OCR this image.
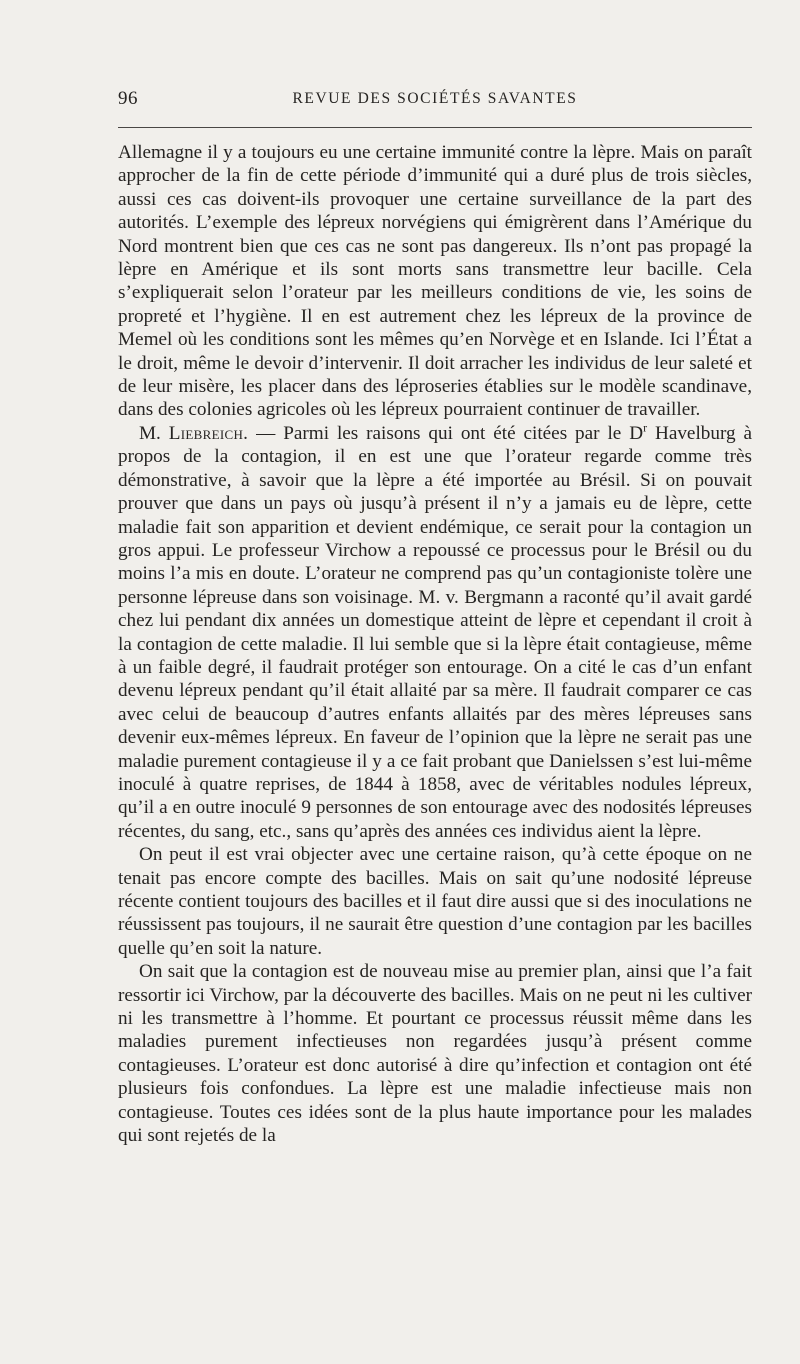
96	REVUE DES SOCIÉTÉS SAVANTES

Allemagne il y a toujours eu une certaine immunité contre la lèpre. Mais on paraît approcher de la fin de cette période d’immunité qui a duré plus de trois siècles, aussi ces cas doivent-ils provoquer une certaine surveillance de la part des autorités. L’exemple des lépreux norvégiens qui émigrèrent dans l’Amérique du Nord montrent bien que ces cas ne sont pas dangereux. Ils n’ont pas propagé la lèpre en Amérique et ils sont morts sans transmettre leur bacille. Cela s’expliquerait selon l’orateur par les meilleurs conditions de vie, les soins de propreté et l’hygiène. Il en est autrement chez les lépreux de la province de Memel où les conditions sont les mêmes qu’en Norvège et en Islande. Ici l’État a le droit, même le devoir d’intervenir. Il doit arracher les individus de leur saleté et de leur misère, les placer dans des léproseries établies sur le modèle scandinave, dans des colonies agricoles où les lépreux pourraient continuer de travailler.

M. Liebreich. — Parmi les raisons qui ont été citées par le $D^r$ Havelburg à propos de la contagion, il en est une que l’orateur regarde comme très démonstrative, à savoir que la lèpre a été importée au Brésil. Si on pouvait prouver que dans un pays où jusqu’à présent il n’y a jamais eu de lèpre, cette maladie fait son apparition et devient endémique, ce serait pour la contagion un gros appui. Le professeur Virchow a repoussé ce processus pour le Brésil ou du moins l’a mis en doute. L’orateur ne comprend pas qu’un contagioniste tolère une personne lépreuse dans son voisinage. M. v. Bergmann a raconté qu’il avait gardé chez lui pendant dix années un domestique atteint de lèpre et cependant il croit à la contagion de cette maladie. Il lui semble que si la lèpre était contagieuse, même à un faible degré, il faudrait protéger son entourage. On a cité le cas d’un enfant devenu lépreux pendant qu’il était allaité par sa mère. Il faudrait comparer ce cas avec celui de beaucoup d’autres enfants allaités par des mères lépreuses sans devenir eux-mêmes lépreux. En faveur de l’opinion que la lèpre ne serait pas une maladie purement contagieuse il y a ce fait probant que Danielssen s’est lui-même inoculé à quatre reprises, de 1844 à 1858, avec de véritables nodules lépreux, qu’il a en outre inoculé 9 personnes de son entourage avec des nodosités lépreuses récentes, du sang, etc., sans qu’après des années ces individus aient la lèpre.

On peut il est vrai objecter avec une certaine raison, qu’à cette époque on ne tenait pas encore compte des bacilles. Mais on sait qu’une nodosité lépreuse récente contient toujours des bacilles et il faut dire aussi que si des inoculations ne réussissent pas toujours, il ne saurait être question d’une contagion par les bacilles quelle qu’en soit la nature.

On sait que la contagion est de nouveau mise au premier plan, ainsi que l’a fait ressortir ici Virchow, par la découverte des bacilles. Mais on ne peut ni les cultiver ni les transmettre à l’homme. Et pourtant ce processus réussit même dans les maladies purement infectieuses non regardées jusqu’à présent comme contagieuses. L’orateur est donc autorisé à dire qu’infection et contagion ont été plusieurs fois confondues. La lèpre est une maladie infectieuse mais non contagieuse. Toutes ces idées sont de la plus haute importance pour les malades qui sont rejetés de la
